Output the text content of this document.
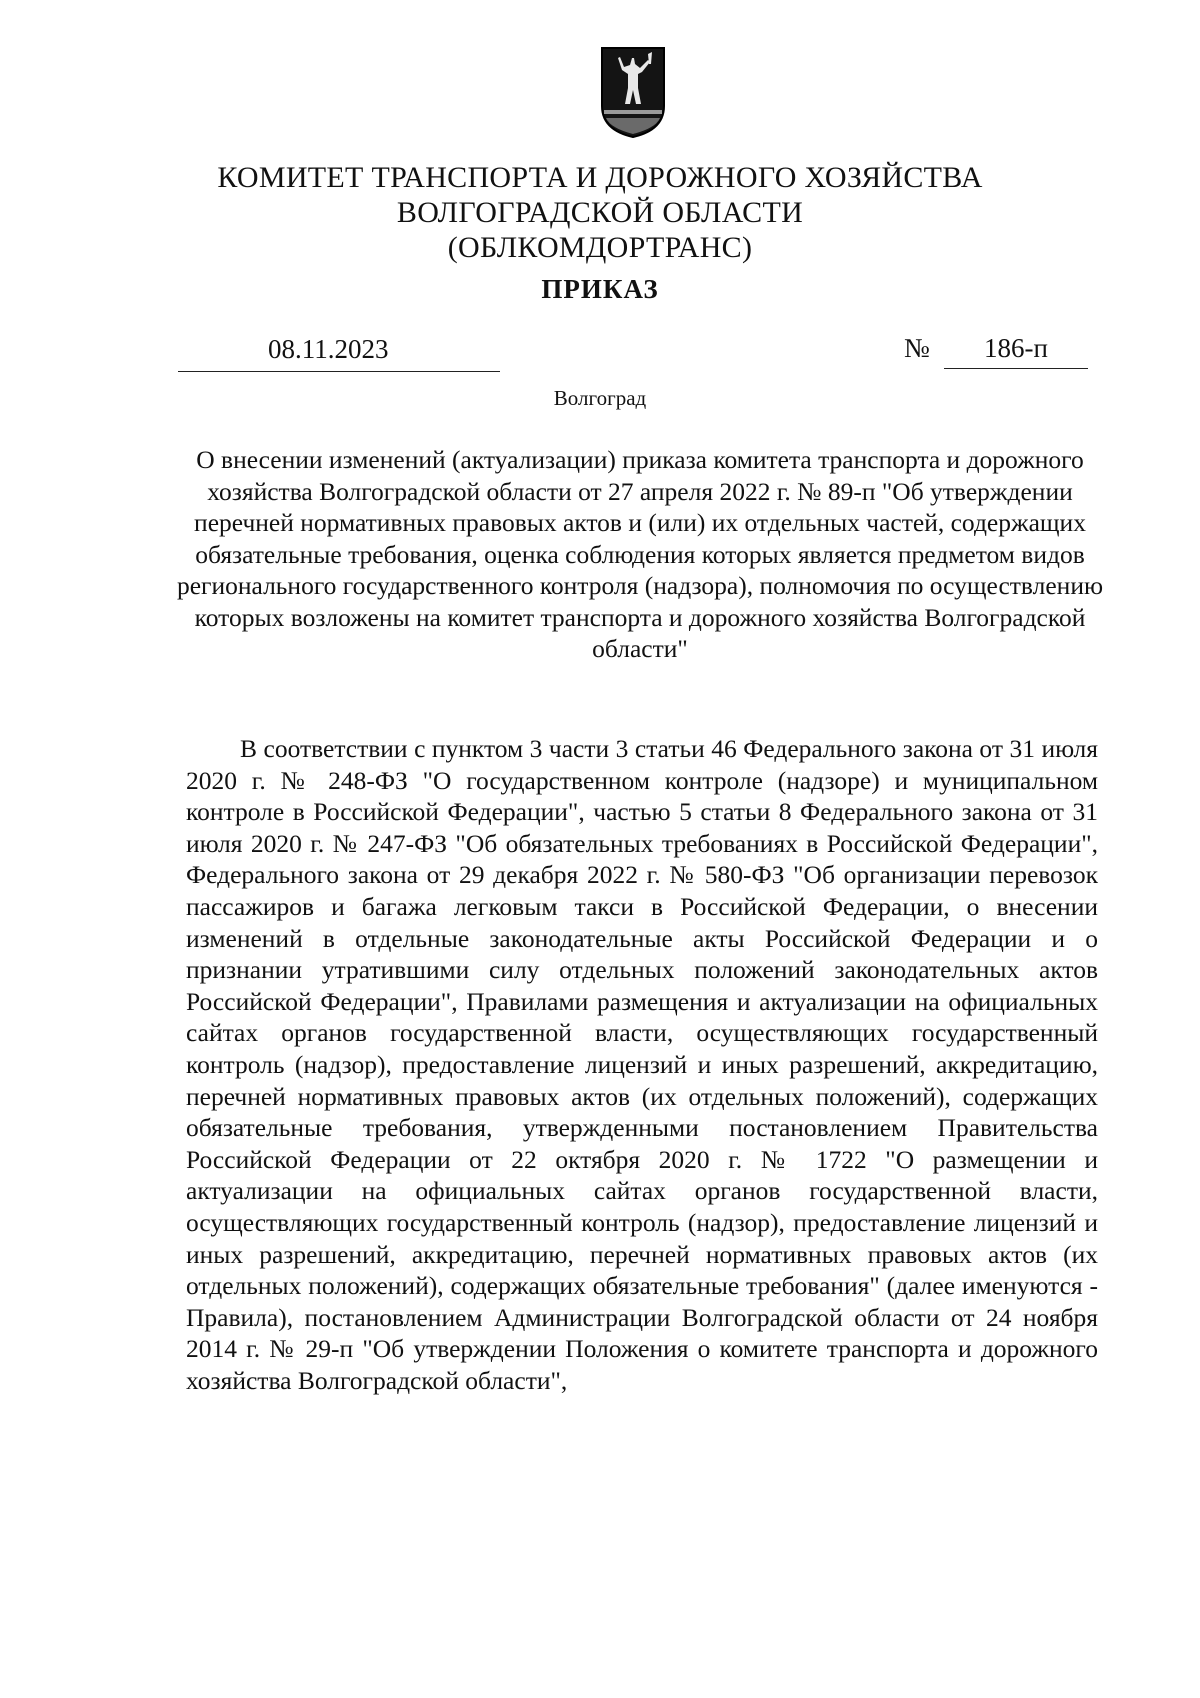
КОМИТЕТ ТРАНСПОРТА И ДОРОЖНОГО ХОЗЯЙСТВА
ВОЛГОГРАДСКОЙ ОБЛАСТИ
(ОБЛКОМДОРТРАНС)
ПРИКАЗ
08.11.2023	№ 186-п
Волгоград
О внесении изменений (актуализации) приказа комитета транспорта и дорожного хозяйства Волгоградской области от 27 апреля 2022 г. № 89-п "Об утверждении перечней нормативных правовых актов и (или) их отдельных частей, содержащих обязательные требования, оценка соблюдения которых является предметом видов регионального государственного контроля (надзора), полномочия по осуществлению которых возложены на комитет транспорта и дорожного хозяйства Волгоградской области"
В соответствии с пунктом 3 части 3 статьи 46 Федерального закона от 31 июля 2020 г. № 248-ФЗ "О государственном контроле (надзоре) и муниципальном контроле в Российской Федерации", частью 5 статьи 8 Федерального закона от 31 июля 2020 г. № 247-ФЗ "Об обязательных требованиях в Российской Федерации", Федерального закона от 29 декабря 2022 г. № 580-ФЗ "Об организации перевозок пассажиров и багажа легковым такси в Российской Федерации, о внесении изменений в отдельные законодательные акты Российской Федерации и о признании утратившими силу отдельных положений законодательных актов Российской Федерации", Правилами размещения и актуализации на официальных сайтах органов государственной власти, осуществляющих государственный контроль (надзор), предоставление лицензий и иных разрешений, аккредитацию, перечней нормативных правовых актов (их отдельных положений), содержащих обязательные требования, утвержденными постановлением Правительства Российской Федерации от 22 октября 2020 г. № 1722 "О размещении и актуализации на официальных сайтах органов государственной власти, осуществляющих государственный контроль (надзор), предоставление лицензий и иных разрешений, аккредитацию, перечней нормативных правовых актов (их отдельных положений), содержащих обязательные требования" (далее именуются - Правила), постановлением Администрации Волгоградской области от 24 ноября 2014 г. № 29-п "Об утверждении Положения о комитете транспорта и дорожного хозяйства Волгоградской области",
